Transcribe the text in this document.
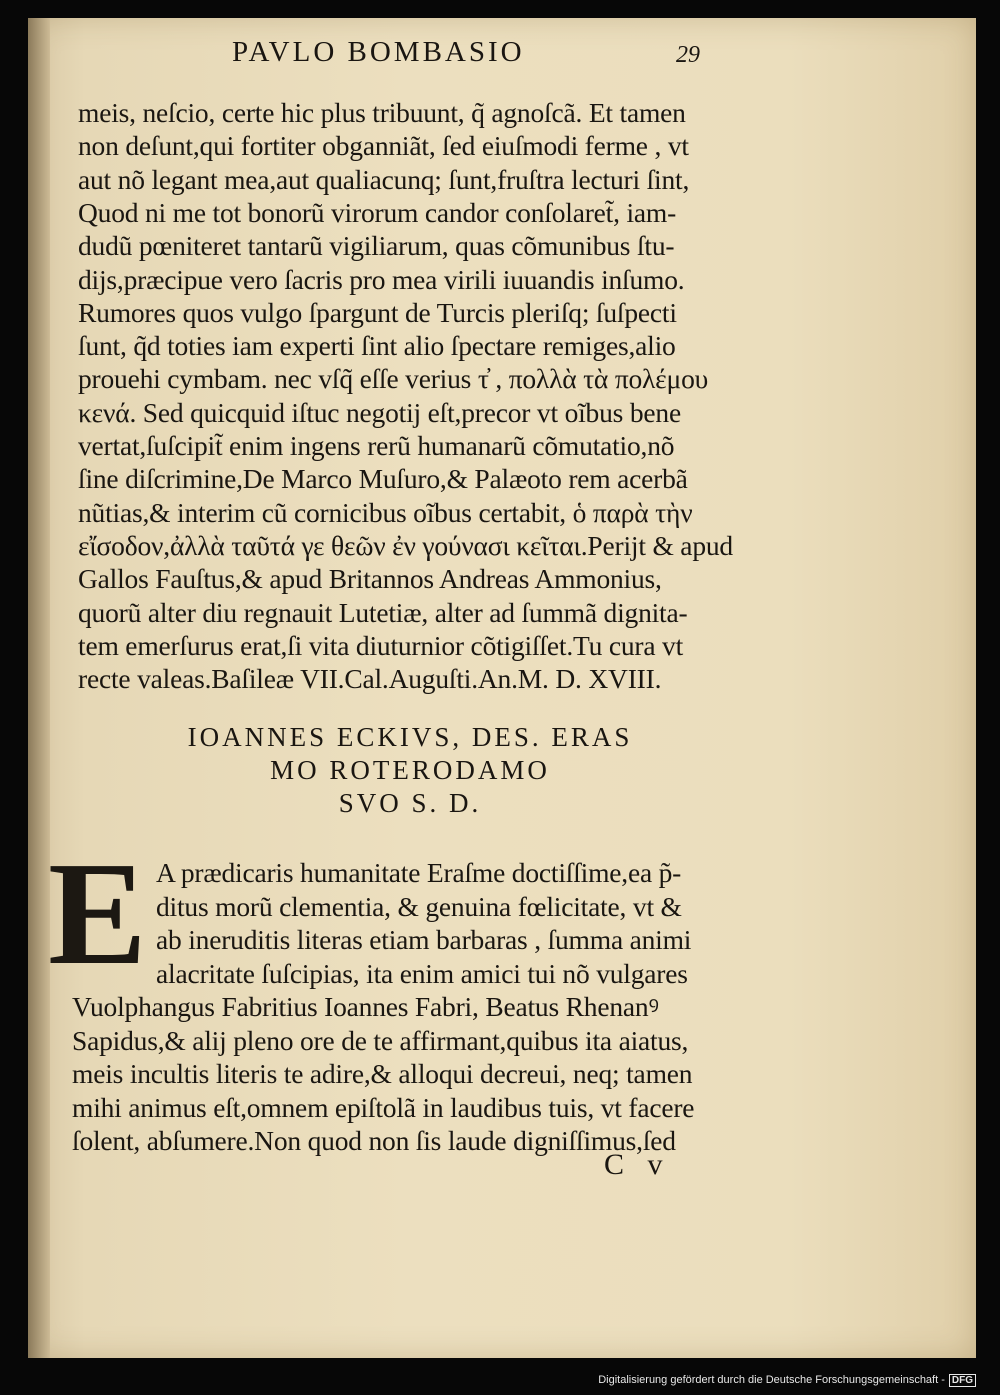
PAVLO BOMBASIO	29
meis, neſcio, certe hic plus tribuunt, q̃ agnoſcã. Et tamen
non deſunt,qui fortiter obganniãt, ſed eiuſmodi ferme , vt
aut nõ legant mea,aut qualiacunq; ſunt,fruſtra lecturi ſint,
Quod ni me tot bonorũ virorum candor conſolaret̃, iam-
dudũ pœniteret tantarũ vigiliarum, quas cõmunibus ſtu-
dijs,præcipue vero ſacris pro mea virili iuuandis inſumo.
Rumores quos vulgo ſpargunt de Turcis pleriſq; ſuſpecti
ſunt, q̃d toties iam experti ſint alio ſpectare remiges,alio
prouehi cymbam. nec vſq̃ eſſe verius τ̓ , πολλὰ τὰ πολέμου
κενά. Sed quicquid iſtuc negotij eſt,precor vt oĩbus bene
vertat,ſuſcipit̃ enim ingens rerũ humanarũ cõmutatio,nõ
ſine diſcrimine,De Marco Muſuro,& Palæoto rem acerbã
nũtias,& interim cũ cornicibus oĩbus certabit, ὁ παρὰ τὴν
εἴσοδον,ἀλλὰ ταῦτά γε θεῶν ἐν γούνασι κεῖται.Perijt & apud
Gallos Fauſtus,& apud Britannos Andreas Ammonius,
quorũ alter diu regnauit Lutetiæ, alter ad ſummã dignita-
tem emerſurus erat,ſi vita diuturnior cõtigiſſet.Tu cura vt
recte valeas.Baſileæ VII.Cal.Auguſti.An.M. D. XVIII.
IOANNES ECKIVS, DES. ERAS
MO ROTERODAMO
SVO S. D.
E A prædicaris humanitate Eraſme doctiſſime,ea p̃-
ditus morũ clementia, & genuina fœlicitate, vt &
ab ineruditis literas etiam barbaras , ſumma animi
alacritate ſuſcipias, ita enim amici tui nõ vulgares
Vuolphangus Fabritius Ioannes Fabri, Beatus Rhenanꝰ
Sapidus,& alij pleno ore de te affirmant,quibus ita aiatus,
meis incultis literis te adire,& alloqui decreui, neq; tamen
mihi animus eſt,omnem epiſtolã in laudibus tuis, vt facere
ſolent, abſumere.Non quod non ſis laude digniſſimus,ſed
C v
Digitalisierung gefördert durch die Deutsche Forschungsgemeinschaft - DFG
